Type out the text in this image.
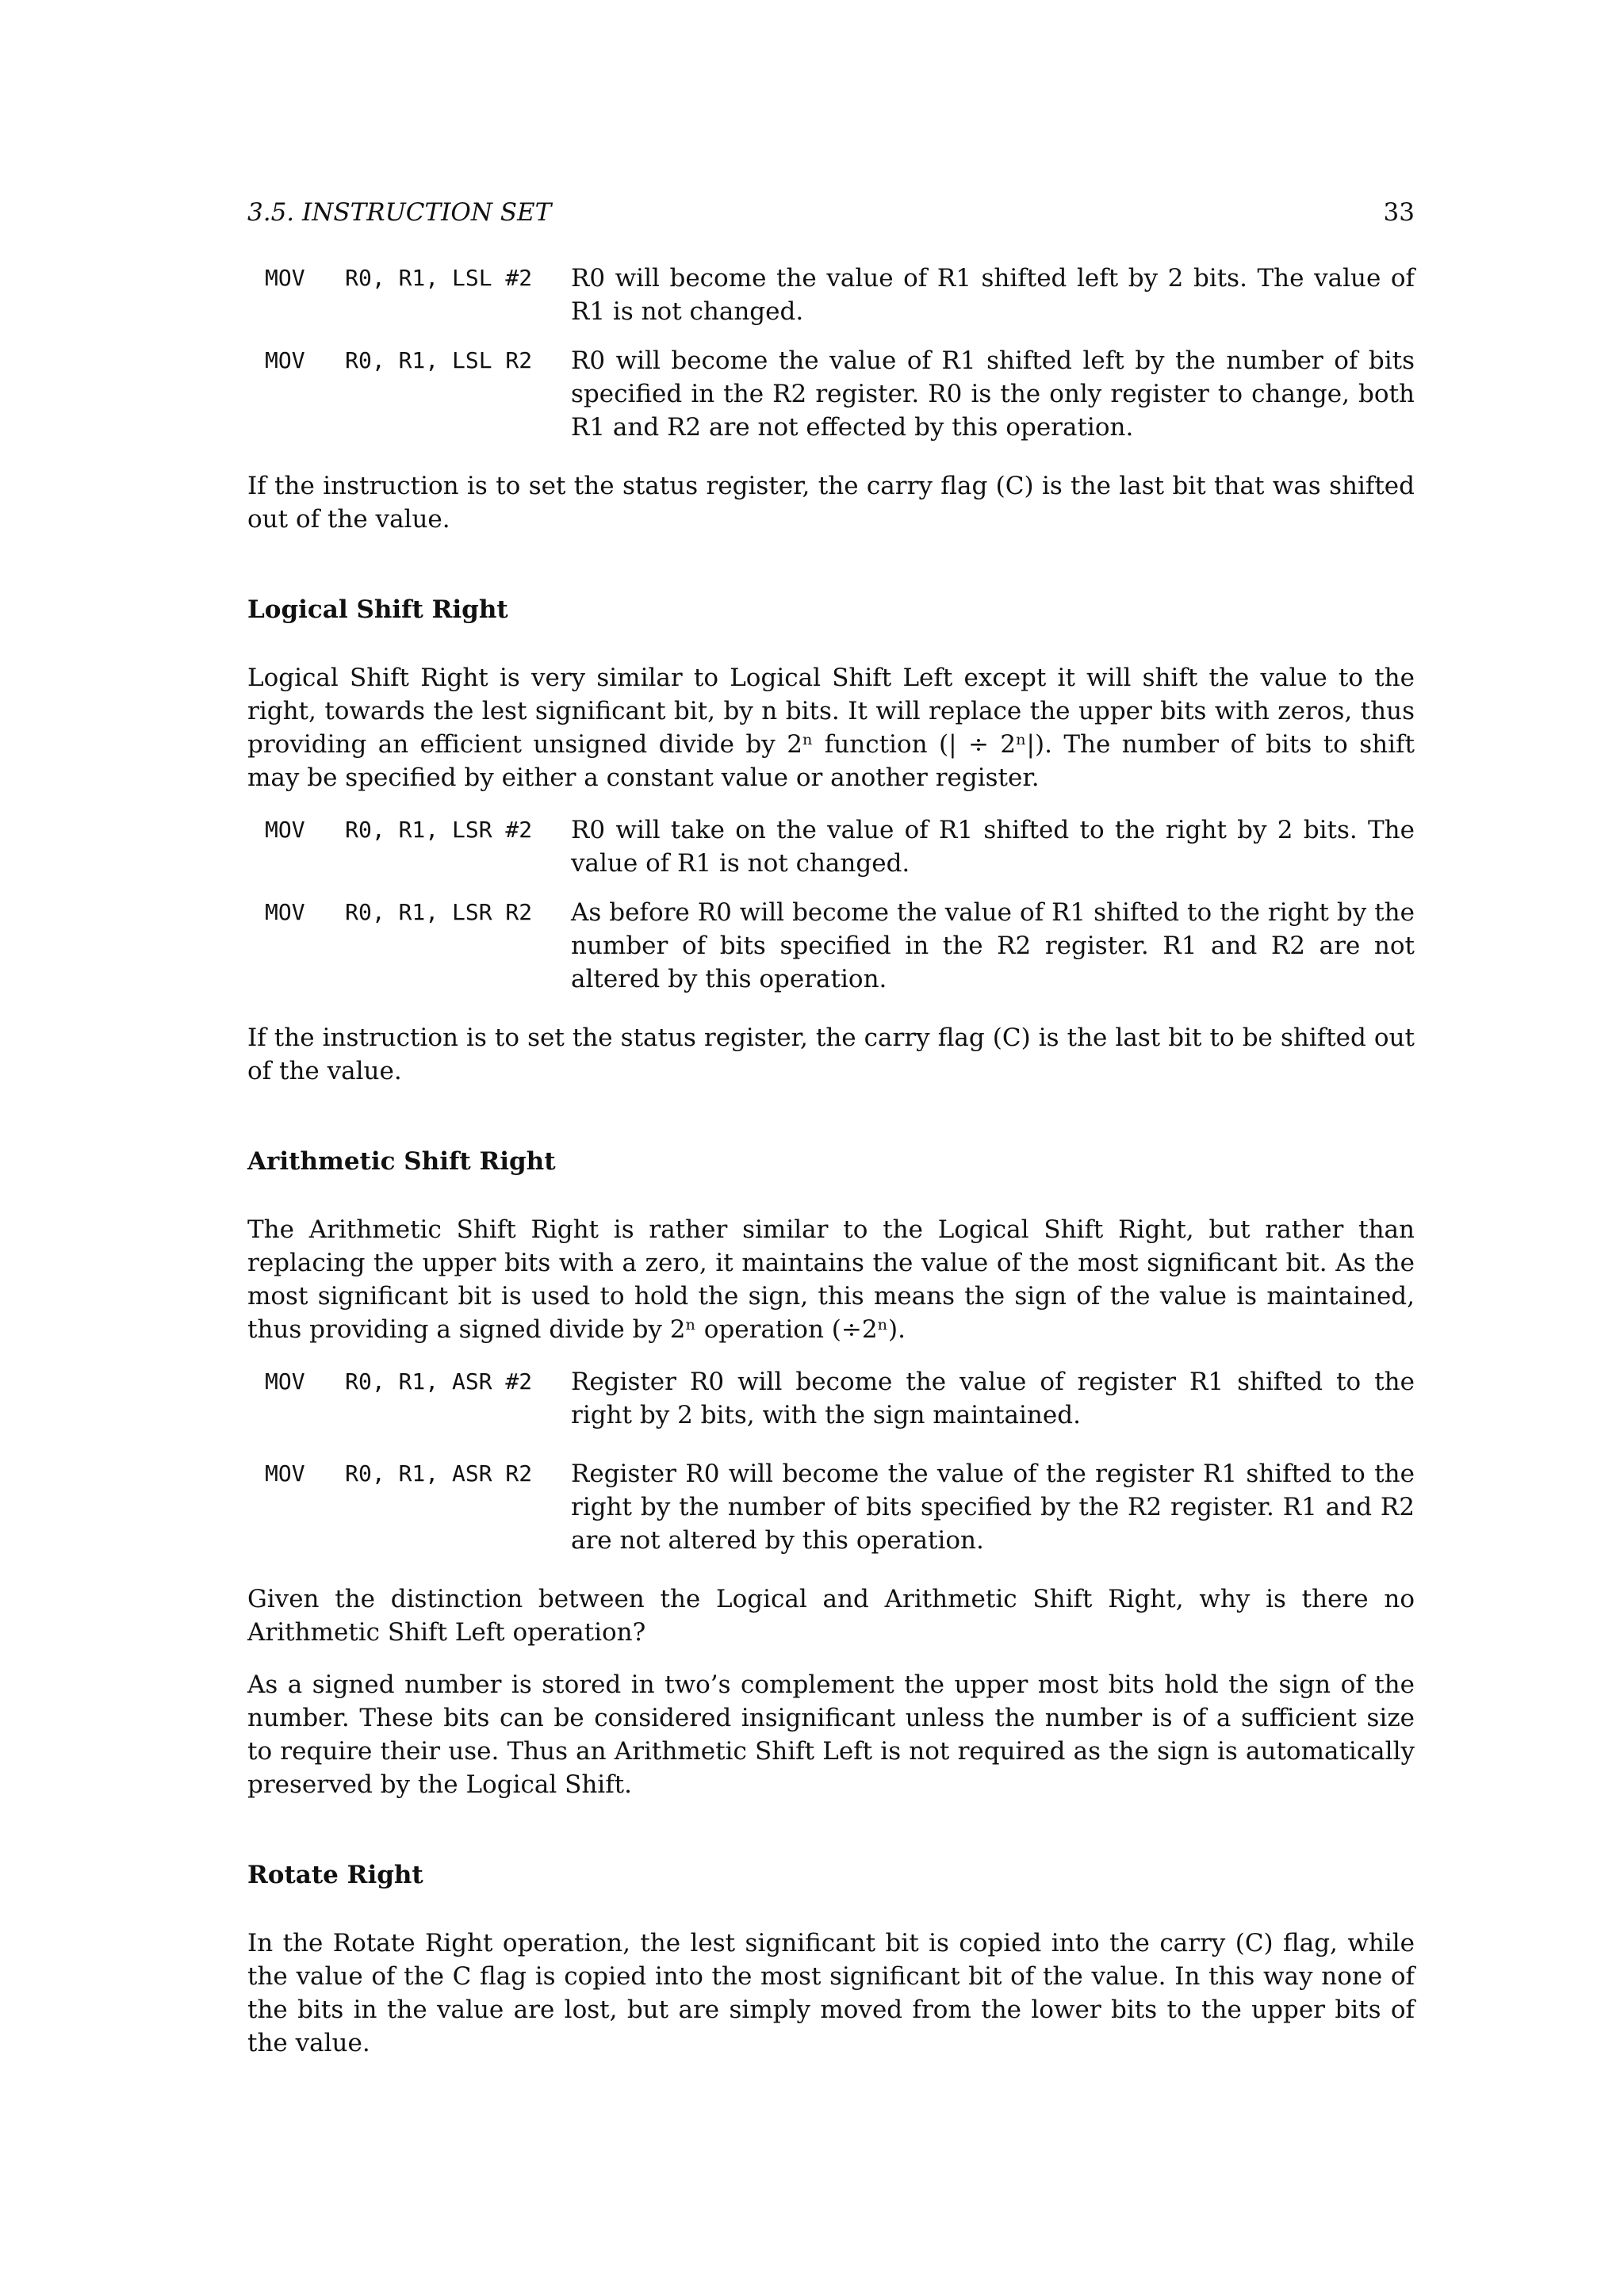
3.5. INSTRUCTION SET	33
MOV   R0, R1, LSL #2	R0 will become the value of R1 shifted left by 2 bits. The value of R1 is not changed.
MOV   R0, R1, LSL R2	R0 will become the value of R1 shifted left by the number of bits specified in the R2 register. R0 is the only register to change, both R1 and R2 are not effected by this operation.

If the instruction is to set the status register, the carry flag (C) is the last bit that was shifted out of the value.

Logical Shift Right

Logical Shift Right is very similar to Logical Shift Left except it will shift the value to the right, towards the lest significant bit, by n bits. It will replace the upper bits with zeros, thus providing an efficient unsigned divide by 2ⁿ function (| ÷ 2ⁿ|). The number of bits to shift may be specified by either a constant value or another register.

MOV   R0, R1, LSR #2	R0 will take on the value of R1 shifted to the right by 2 bits. The value of R1 is not changed.
MOV   R0, R1, LSR R2	As before R0 will become the value of R1 shifted to the right by the number of bits specified in the R2 register. R1 and R2 are not altered by this operation.

If the instruction is to set the status register, the carry flag (C) is the last bit to be shifted out of the value.

Arithmetic Shift Right

The Arithmetic Shift Right is rather similar to the Logical Shift Right, but rather than replacing the upper bits with a zero, it maintains the value of the most significant bit. As the most significant bit is used to hold the sign, this means the sign of the value is maintained, thus providing a signed divide by 2ⁿ operation (÷2ⁿ).

MOV   R0, R1, ASR #2	Register R0 will become the value of register R1 shifted to the right by 2 bits, with the sign maintained.
MOV   R0, R1, ASR R2	Register R0 will become the value of the register R1 shifted to the right by the number of bits specified by the R2 register. R1 and R2 are not altered by this operation.

Given the distinction between the Logical and Arithmetic Shift Right, why is there no Arithmetic Shift Left operation?

As a signed number is stored in two’s complement the upper most bits hold the sign of the number. These bits can be considered insignificant unless the number is of a sufficient size to require their use. Thus an Arithmetic Shift Left is not required as the sign is automatically preserved by the Logical Shift.

Rotate Right

In the Rotate Right operation, the lest significant bit is copied into the carry (C) flag, while the value of the C flag is copied into the most significant bit of the value. In this way none of the bits in the value are lost, but are simply moved from the lower bits to the upper bits of the value.
